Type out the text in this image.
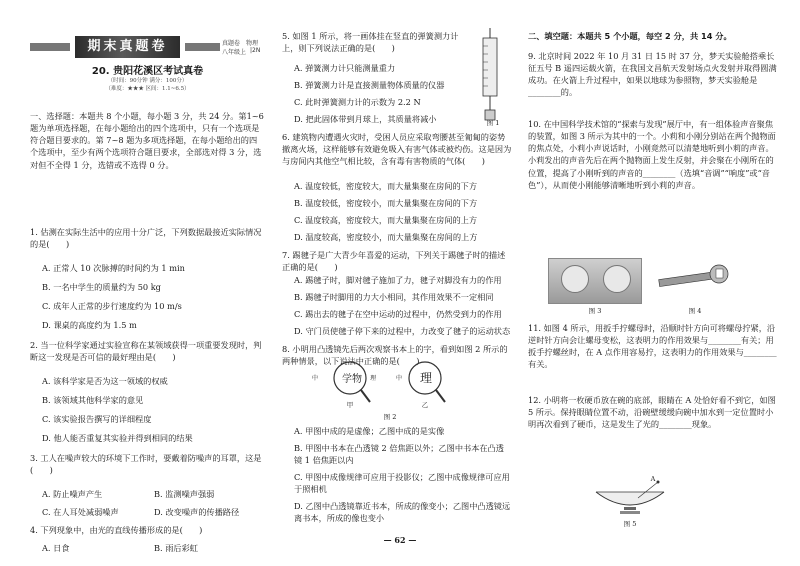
期末真题卷	真题卷 物理
八年级上 |2N
20. 贵阳花溪区考试真卷
（时间：90分钟 满分：100分）
（难度：★★★ 区间：1.1~6.5）
一、选择题：本题共 8 个小题，每小题 3 分，共 24 分。第1~6题为单项选择题，在每小题给出的四个选项中，只有一个选项是符合题目要求的。第 7~8 题为多项选择题，在每小题给出的四个选项中，至少有两个选项符合题目要求，全部选对得 3 分，选对但不全得 1 分，选错或不选得 0 分。
1. 估测在实际生活中的应用十分广泛，下列数据最接近实际情况的是(　　)
A. 正常人 10 次脉搏的时间约为 1 min
B. 一名中学生的质量约为 50 kg
C. 成年人正常的步行速度约为 10 m/s
D. 课桌的高度约为 1.5 m
2. 当一位科学家通过实验宣称在某领域获得一项重要发现时，判断这一发现是否可信的最好理由是(　　)
A. 该科学家是否为这一领域的权威
B. 该领域其他科学家的意见
C. 该实验报告撰写的详细程度
D. 他人能否重复其实验并得到相同的结果
3. 工人在噪声较大的环境下工作时，要戴着防噪声的耳罩，这是(　　)
A. 防止噪声产生	B. 监测噪声强弱
C. 在人耳处减弱噪声	D. 改变噪声的传播路径
4. 下列现象中，由光的直线传播形成的是(　　)
A. 日食	B. 雨后彩虹
5. 如图 1 所示，将一画体挂在竖直的弹簧测力计上，则下列说法正确的是(　　)
A. 弹簧测力计只能测量重力
B. 弹簧测力计是直接测量物体质量的仪器
C. 此时弹簧测力计的示数为 2.2 N
D. 把此固体带到月球上，其质量将减小
6. 建筑物内遭遇火灾时，受困人员应采取弯腰甚至匍匐的姿势撤离火场，这样能够有效避免吸入有害气体或被灼伤。这是因为与房间内其他空气相比较，含有毒有害物质的气体(　　)
A. 温度较低，密度较大，而大量集聚在房间的下方
B. 温度较低，密度较小，而大量集聚在房间的下方
C. 温度较高，密度较大，而大量集聚在房间的上方
D. 温度较高，密度较小，而大量集聚在房间的上方
7. 踢毽子是广大青少年喜爱的运动，下列关于踢毽子时的描述正确的是(　　)
A. 踢毽子时，脚对毽子施加了力，毽子对脚没有力的作用
B. 踢毽子时脚用的力大小相同，其作用效果不一定相同
C. 踢出去的毽子在空中运动的过程中，仍然受到力的作用
D. 守门员使毽子停下来的过程中，力改变了毽子的运动状态
8. 小明用凸透镜先后两次观察书本上的字，看到如图 2 所示的两种情景，以下说法中正确的是(　　)
A. 甲图中成的是虚像；乙图中成的是实像
B. 甲图中书本在凸透镜 2 倍焦距以外；乙图中书本在凸透镜 1 倍焦距以内
C. 甲图中成像规律可应用于投影仪；乙图中成像规律可应用于照相机
D. 乙图中凸透镜靠近书本，所成的像变小；乙图中凸透镜远离书本，所成的像也变小
图 1
中	学物	理	中	理
甲	乙
图 2
二、填空题：本题共 5 个小题，每空 2 分，共 14 分。
9. 北京时间 2022 年 10 月 31 日 15 时 37 分，梦天实验舱搭乘长征五号 B 遥四运载火箭，在我国文昌航天发射场点火发射并取得圆满成功。在火箭上升过程中，如果以地球为参照物，梦天实验舱是________的。
10. 在中国科学技术馆的“探索与发现”展厅中，有一组体验声音聚焦的装置，如图 3 所示为其中的一个。小莉和小刚分别站在两个抛物面的焦点处，小莉小声说话时，小刚竟然可以清楚地听到小莉的声音。小莉发出的声音先后在两个抛物面上发生反射，并会聚在小刚所在的位置，提高了小刚听到的声音的________（选填“音调”“响度”或“音色”），从而使小刚能够清晰地听到小莉的声音。
11. 如图 4 所示，用扳手拧螺母时，沿顺时针方向可将螺母拧紧，沿逆时针方向会让螺母变松，这表明力的作用效果与________有关；用扳手拧螺丝时，在 A 点作用容易拧，这表明力的作用效果与________有关。
12. 小明将一枚硬币放在碗的底部，眼睛在 A 处恰好看不到它，如图 5 所示。保持眼睛位置不动，沿碗壁缓缓向碗中加水到一定位置时小明再次看到了硬币，这是发生了光的________现象。
图 3	图 4
A
图 5
— 62 —
